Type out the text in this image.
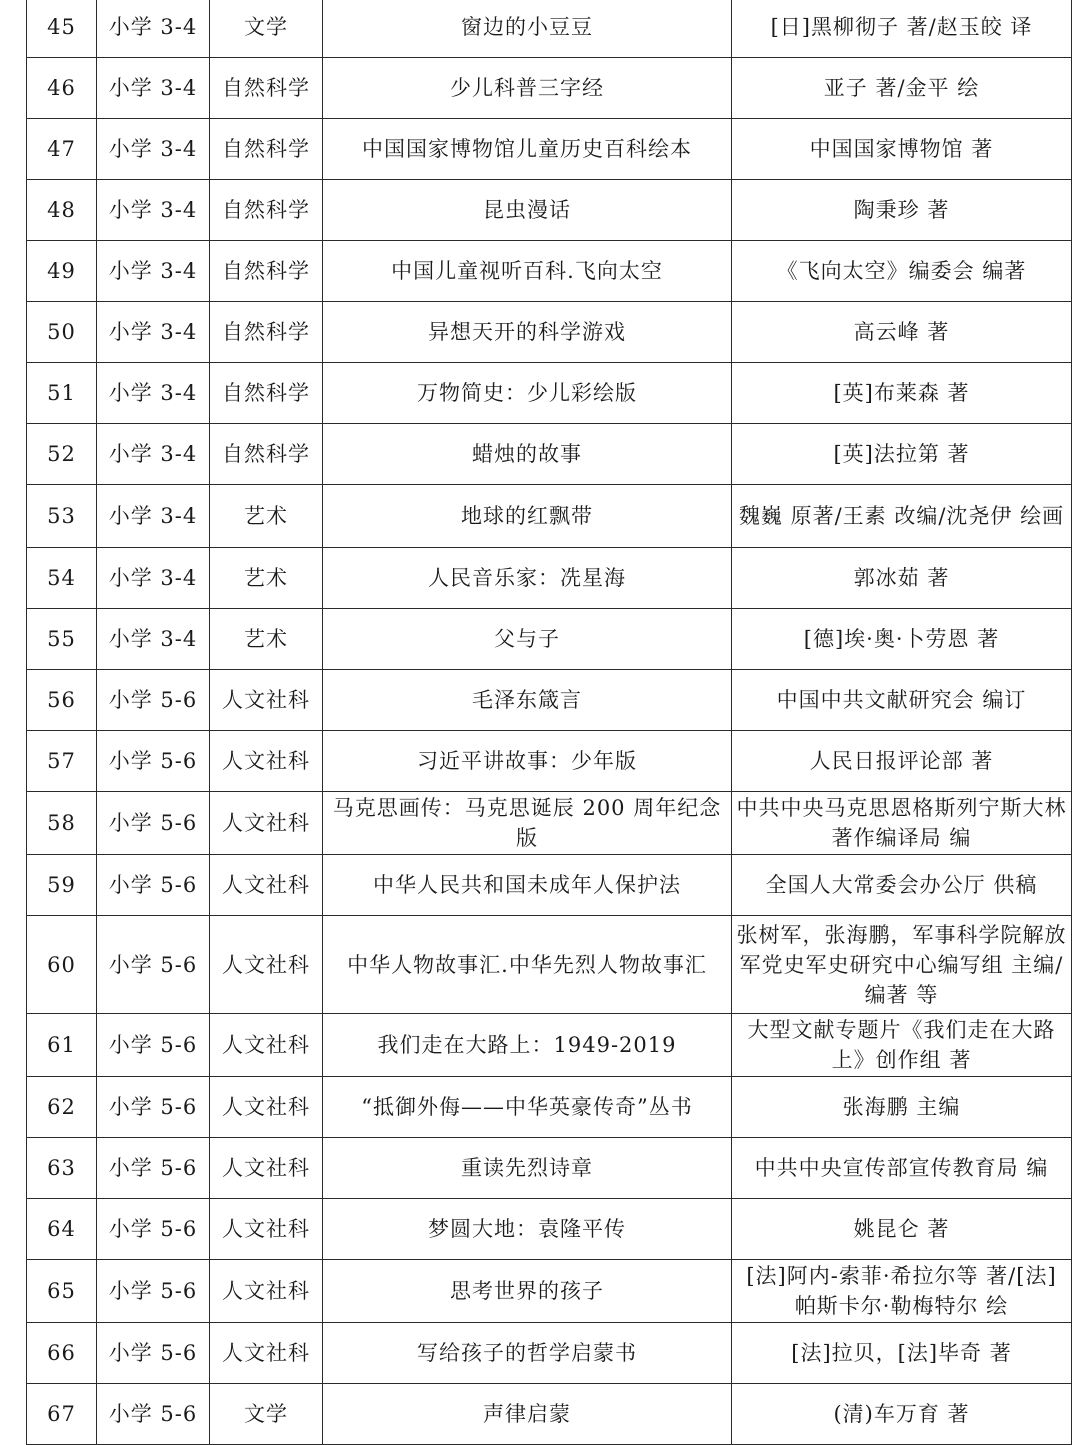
45	小学 3-4	文学	窗边的小豆豆	[日]黑柳彻子 著/赵玉皎 译
46	小学 3-4	自然科学	少儿科普三字经	亚子 著/金平 绘
47	小学 3-4	自然科学	中国国家博物馆儿童历史百科绘本	中国国家博物馆 著
48	小学 3-4	自然科学	昆虫漫话	陶秉珍 著
49	小学 3-4	自然科学	中国儿童视听百科.飞向太空	《飞向太空》编委会 编著
50	小学 3-4	自然科学	异想天开的科学游戏	高云峰 著
51	小学 3-4	自然科学	万物简史：少儿彩绘版	[英]布莱森 著
52	小学 3-4	自然科学	蜡烛的故事	[英]法拉第 著
53	小学 3-4	艺术	地球的红飘带	魏巍 原著/王素 改编/沈尧伊 绘画
54	小学 3-4	艺术	人民音乐家：冼星海	郭冰茹 著
55	小学 3-4	艺术	父与子	[德]埃·奥·卜劳恩 著
56	小学 5-6	人文社科	毛泽东箴言	中国中共文献研究会 编订
57	小学 5-6	人文社科	习近平讲故事：少年版	人民日报评论部 著
58	小学 5-6	人文社科	马克思画传：马克思诞辰 200 周年纪念版	中共中央马克思恩格斯列宁斯大林著作编译局 编
59	小学 5-6	人文社科	中华人民共和国未成年人保护法	全国人大常委会办公厅 供稿
60	小学 5-6	人文社科	中华人物故事汇.中华先烈人物故事汇	张树军，张海鹏，军事科学院解放军党史军史研究中心编写组 主编/编著 等
61	小学 5-6	人文社科	我们走在大路上：1949-2019	大型文献专题片《我们走在大路上》创作组 著
62	小学 5-6	人文社科	“抵御外侮——中华英豪传奇”丛书	张海鹏 主编
63	小学 5-6	人文社科	重读先烈诗章	中共中央宣传部宣传教育局 编
64	小学 5-6	人文社科	梦圆大地：袁隆平传	姚昆仑 著
65	小学 5-6	人文社科	思考世界的孩子	[法]阿内-索菲·希拉尔等 著/[法]帕斯卡尔·勒梅特尔 绘
66	小学 5-6	人文社科	写给孩子的哲学启蒙书	[法]拉贝，[法]毕奇 著
67	小学 5-6	文学	声律启蒙	(清)车万育 著
